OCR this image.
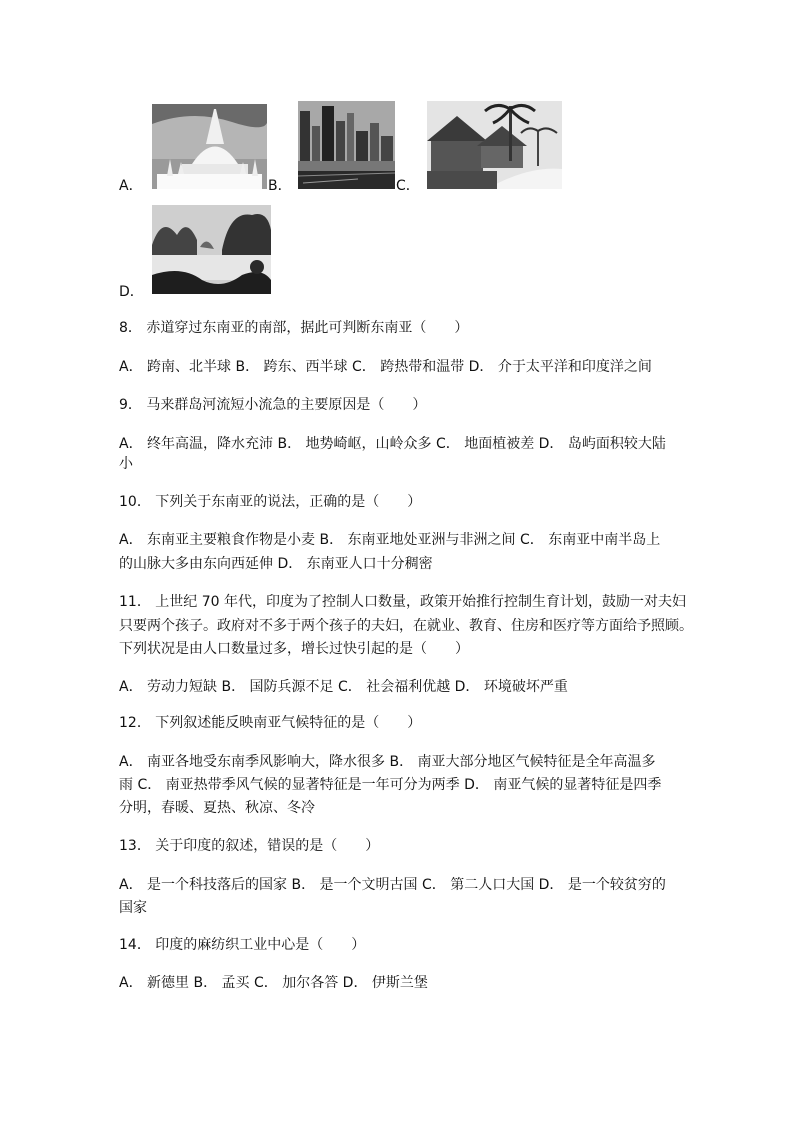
A．	B．	C．
D．
8． 赤道穿过东南亚的南部，据此可判断东南亚（　　）
A． 跨南、北半球 B． 跨东、西半球 C． 跨热带和温带 D． 介于太平洋和印度洋之间
9． 马来群岛河流短小流急的主要原因是（　　）
A． 终年高温，降水充沛 B． 地势崎岖，山岭众多 C． 地面植被差 D． 岛屿面积较大陆
小
10． 下列关于东南亚的说法，正确的是（　　）
A． 东南亚主要粮食作物是小麦 B． 东南亚地处亚洲与非洲之间 C． 东南亚中南半岛上
的山脉大多由东向西延伸 D． 东南亚人口十分稠密
11． 上世纪 70 年代，印度为了控制人口数量，政策开始推行控制生育计划，鼓励一对夫妇
只要两个孩子。政府对不多于两个孩子的夫妇，在就业、教育、住房和医疗等方面给予照顾。
下列状况是由人口数量过多，增长过快引起的是（　　）
A． 劳动力短缺 B． 国防兵源不足 C． 社会福利优越 D． 环境破坏严重
12． 下列叙述能反映南亚气候特征的是（　　）
A． 南亚各地受东南季风影响大，降水很多 B． 南亚大部分地区气候特征是全年高温多
雨 C． 南亚热带季风气候的显著特征是一年可分为两季 D． 南亚气候的显著特征是四季
分明，春暖、夏热、秋凉、冬冷
13． 关于印度的叙述，错误的是（　　）
A． 是一个科技落后的国家 B． 是一个文明古国 C． 第二人口大国 D． 是一个较贫穷的
国家
14． 印度的麻纺织工业中心是（　　）
A． 新德里 B． 孟买 C． 加尔各答 D． 伊斯兰堡
